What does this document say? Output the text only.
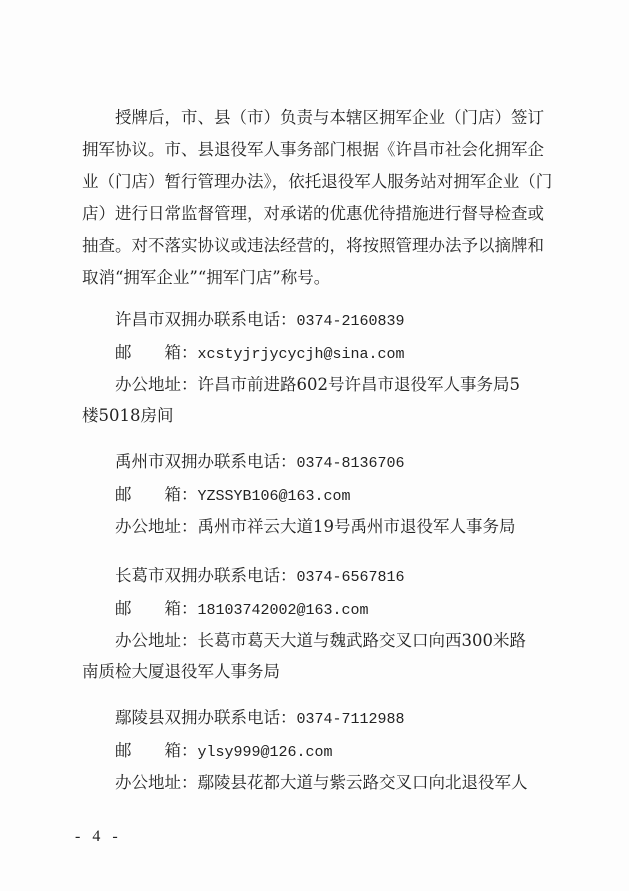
授牌后，市、县（市）负责与本辖区拥军企业（门店）签订
拥军协议。市、县退役军人事务部门根据《许昌市社会化拥军企
业（门店）暂行管理办法》，依托退役军人服务站对拥军企业（门
店）进行日常监督管理，对承诺的优惠优待措施进行督导检查或
抽查。对不落实协议或违法经营的，将按照管理办法予以摘牌和
取消“拥军企业”“拥军门店”称号。
许昌市双拥办联系电话：0374-2160839
邮　　箱：xcstyjrjycycjh@sina.com
办公地址：许昌市前进路602号许昌市退役军人事务局5
楼5018房间
禹州市双拥办联系电话：0374-8136706
邮　　箱：YZSSYB106@163.com
办公地址：禹州市祥云大道19号禹州市退役军人事务局
长葛市双拥办联系电话：0374-6567816
邮　　箱：18103742002@163.com
办公地址：长葛市葛天大道与魏武路交叉口向西300米路
南质检大厦退役军人事务局
鄢陵县双拥办联系电话：0374-7112988
邮　　箱：ylsy999@126.com
办公地址：鄢陵县花都大道与紫云路交叉口向北退役军人
- 4 -
